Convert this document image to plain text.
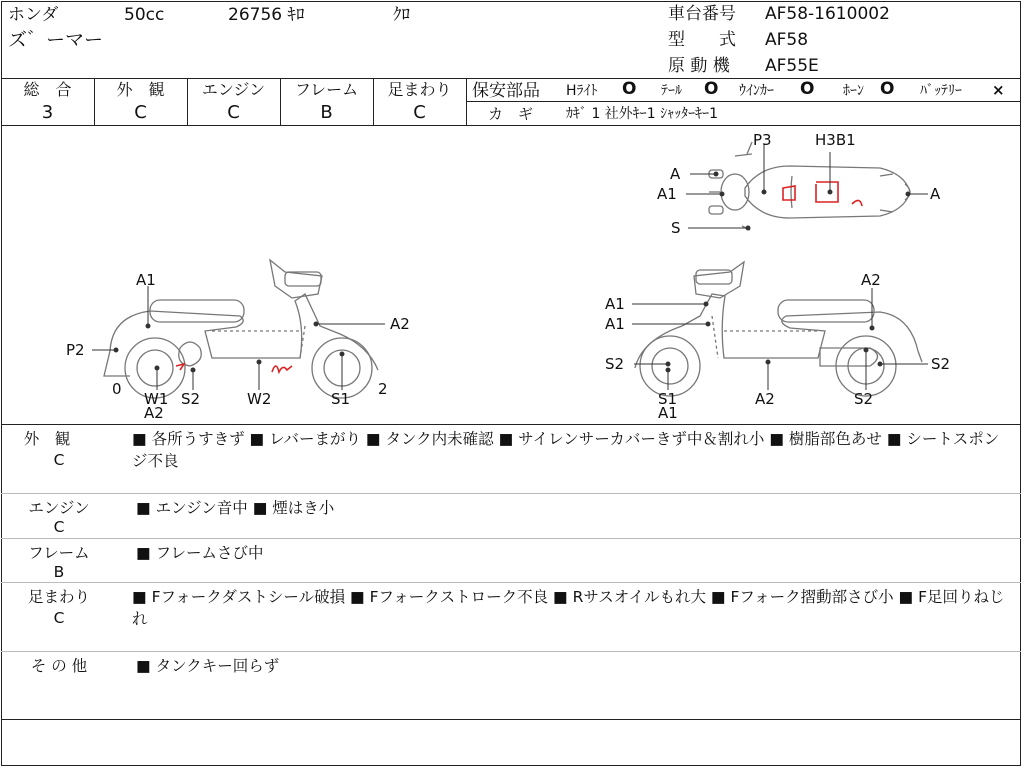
ホンダ	50cc	26756 ｷﾛ	ｸﾛ
ズ゛ーマー
車台番号 AF58-1610002
型　　式 AF58
原 動 機 AF55E
総　合
3
外　観
C
エンジン
C
フレーム
B
足まわり
C
保安部品 Hﾗｲﾄ O ﾃｰﾙ O ｳｲﾝｶｰ O ﾎｰﾝ O ﾊﾞｯﾃﾘｰ ×
カ　ギ ｶｷﾞ 1 社外ｷｰ1 ｼｬｯﾀｰｷｰ1
A
A1
S
P3	H3B1
A
A1
A2
P2
0
W1
A2
S2	W2	S1
2
A1
A1
A2
S2	S2
S1
A1
A2	S2
外　観
C
■ 各所うすきず ■ レバーまがり ■ タンク内未確認 ■ サイレンサーカバーきず中＆割れ小 ■ 樹脂部色あせ ■ シートスポンジ不良
エンジン
C
■ エンジン音中 ■ 煙はき小
フレーム
B
■ フレームさび中
足まわり
C
■ Fフォークダストシール破損 ■ Fフォークストローク不良 ■ Rサスオイルもれ大 ■ Fフォーク摺動部さび小 ■ F足回りねじれ
そ の 他	■ タンクキー回らず
